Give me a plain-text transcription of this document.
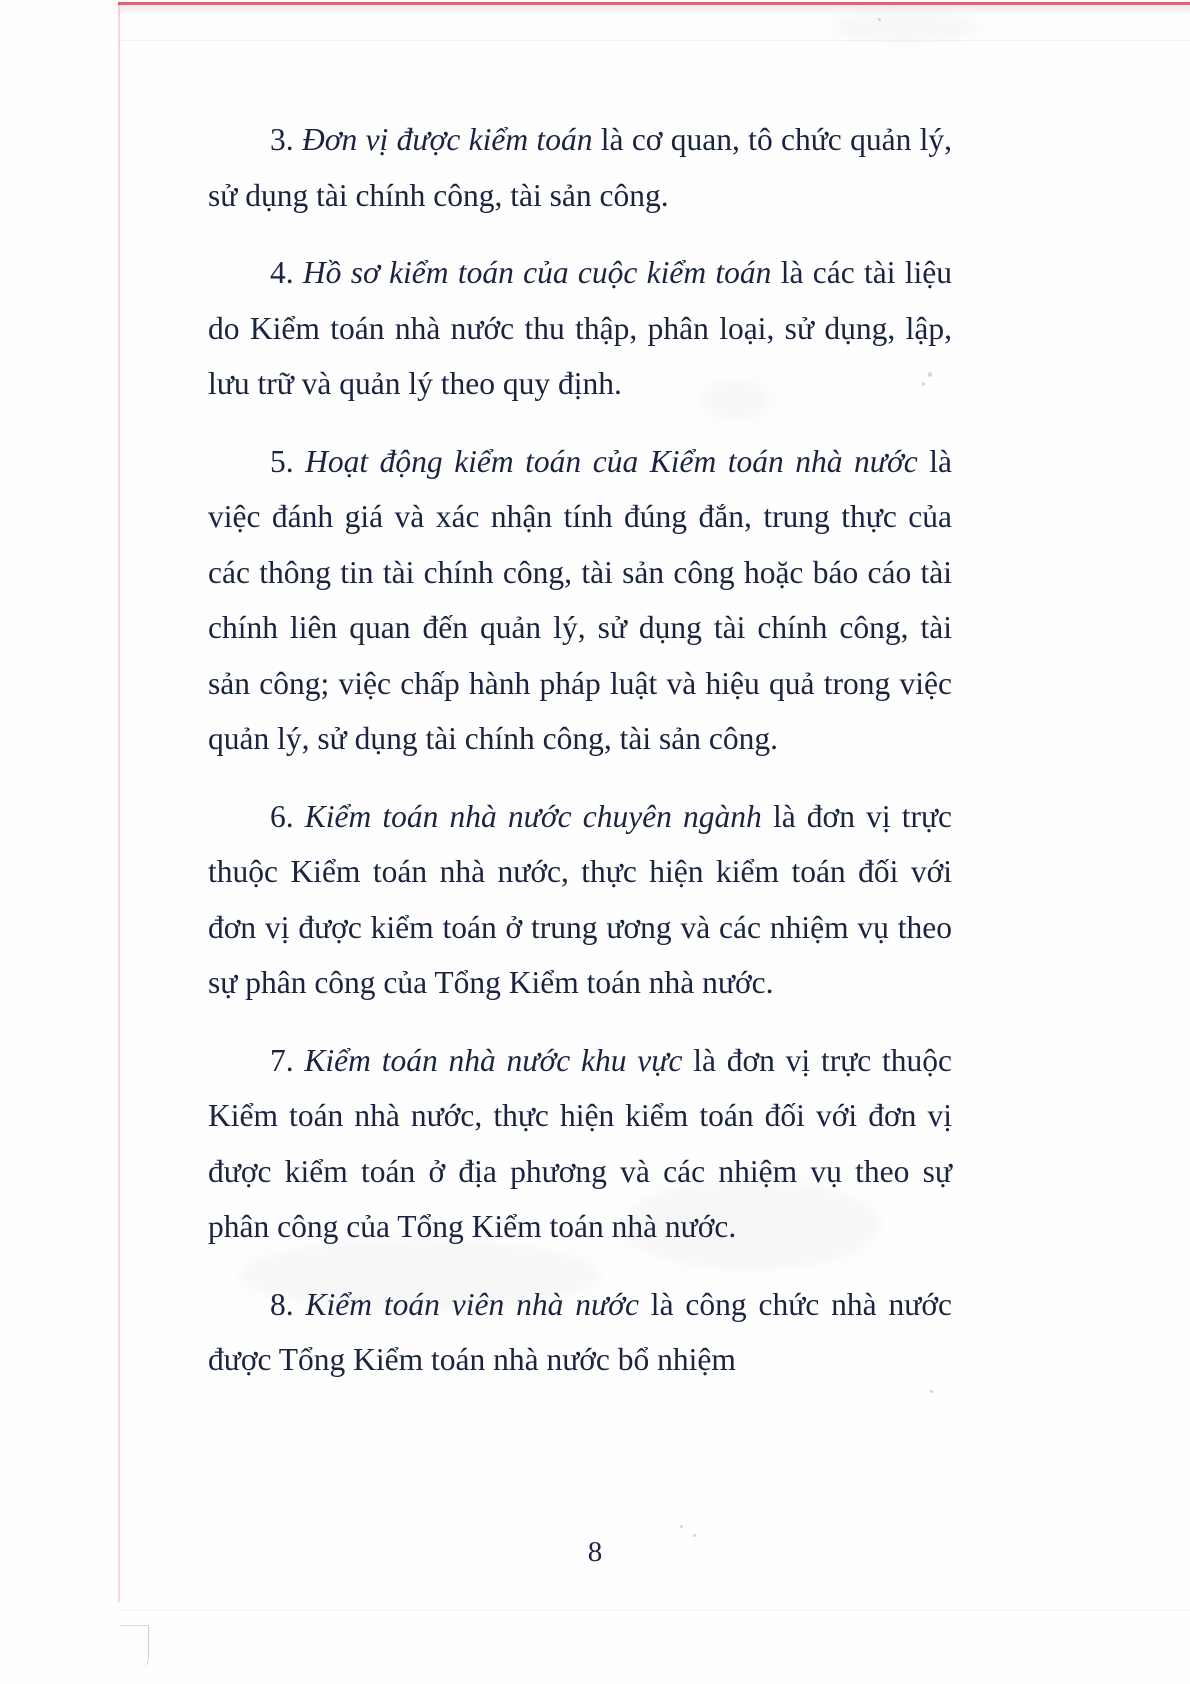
3. Đơn vị được kiểm toán là cơ quan, tô chức quản lý, sử dụng tài chính công, tài sản công.

4. Hồ sơ kiểm toán của cuộc kiểm toán là các tài liệu do Kiểm toán nhà nước thu thập, phân loại, sử dụng, lập, lưu trữ và quản lý theo quy định.

5. Hoạt động kiểm toán của Kiểm toán nhà nước là việc đánh giá và xác nhận tính đúng đắn, trung thực của các thông tin tài chính công, tài sản công hoặc báo cáo tài chính liên quan đến quản lý, sử dụng tài chính công, tài sản công; việc chấp hành pháp luật và hiệu quả trong việc quản lý, sử dụng tài chính công, tài sản công.

6. Kiểm toán nhà nước chuyên ngành là đơn vị trực thuộc Kiểm toán nhà nước, thực hiện kiểm toán đối với đơn vị được kiểm toán ở trung ương và các nhiệm vụ theo sự phân công của Tổng Kiểm toán nhà nước.

7. Kiểm toán nhà nước khu vực là đơn vị trực thuộc Kiểm toán nhà nước, thực hiện kiểm toán đối với đơn vị được kiểm toán ở địa phương và các nhiệm vụ theo sự phân công của Tổng Kiểm toán nhà nước.

8. Kiểm toán viên nhà nước là công chức nhà nước được Tổng Kiểm toán nhà nước bổ nhiệm

8
